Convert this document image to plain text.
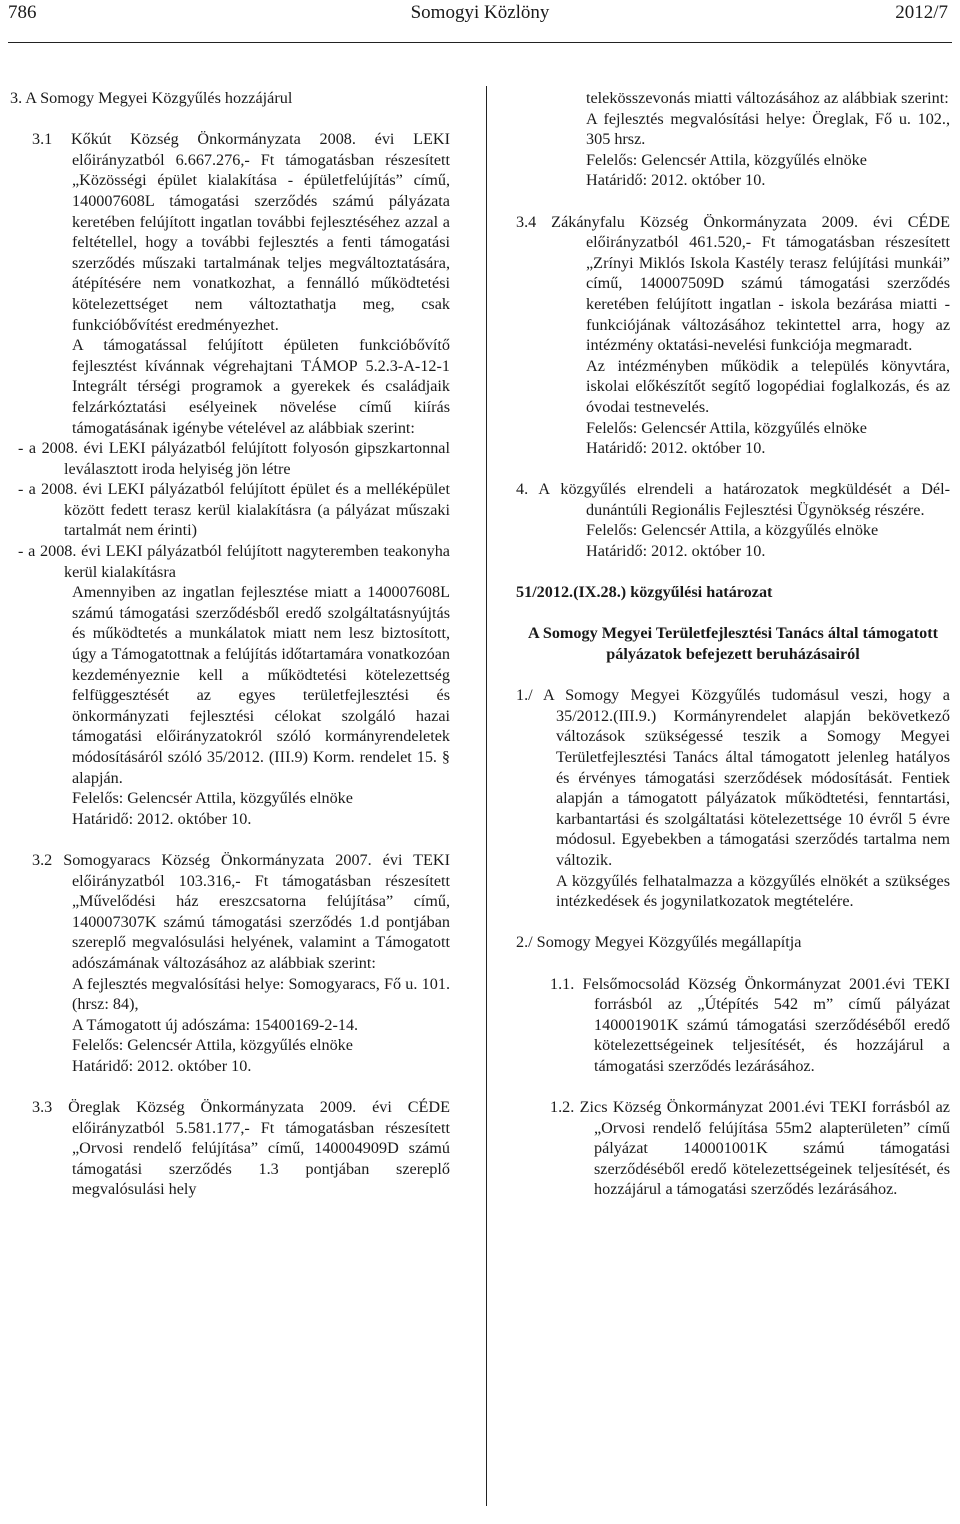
786	Somogyi Közlöny	2012/7

3. A Somogy Megyei Közgyűlés hozzájárul

3.1 Kőkút Község Önkormányzata 2008. évi LEKI előirányzatból 6.667.276,- Ft támogatásban részesített „Közösségi épület kialakítása - épületfelújítás” című, 140007608L támogatási szerződés számú pályázata keretében felújított ingatlan további fejlesztéséhez azzal a feltétellel, hogy a további fejlesztés a fenti támogatási szerződés műszaki tartalmának teljes megváltoztatására, átépítésére nem vonatkozhat, a fennálló működtetési kötelezettséget nem változtathatja meg, csak funkcióbővítést eredményezhet.

A támogatással felújított épületen funkcióbővítő fejlesztést kívánnak végrehajtani TÁMOP 5.2.3-A-12-1 Integrált térségi programok a gyerekek és családjaik felzárkóztatási esélyeinek növelése című kiírás támogatásának igénybe vételével az alábbiak szerint:

- a 2008. évi LEKI pályázatból felújított folyosón gipszkartonnal leválasztott iroda helyiség jön létre

- a 2008. évi LEKI pályázatból felújított épület és a melléképület között fedett terasz kerül kialakításra (a pályázat műszaki tartalmát nem érinti)

- a 2008. évi LEKI pályázatból felújított nagyteremben teakonyha kerül kialakításra

Amennyiben az ingatlan fejlesztése miatt a 140007608L számú támogatási szerződésből eredő szolgáltatásnyújtás és működtetés a munkálatok miatt nem lesz biztosított, úgy a Támogatottnak a felújítás időtartamára vonatkozóan kezdeményeznie kell a működtetési kötelezettség felfüggesztését az egyes területfejlesztési és önkormányzati fejlesztési célokat szolgáló hazai támogatási előirányzatokról szóló kormányrendeletek módosításáról szóló 35/2012. (III.9) Korm. rendelet 15. § alapján.

Felelős: Gelencsér Attila, közgyűlés elnöke

Határidő: 2012. október 10.

3.2 Somogyaracs Község Önkormányzata 2007. évi TEKI előirányzatból 103.316,- Ft támogatásban részesített „Művelődési ház ereszcsatorna felújítása” című, 140007307K számú támogatási szerződés 1.d pontjában szereplő megvalósulási helyének, valamint a Támogatott adószámának változásához az alábbiak szerint:

A fejlesztés megvalósítási helye: Somogyaracs, Fő u. 101. (hrsz: 84),

A Támogatott új adószáma: 15400169-2-14.

Felelős: Gelencsér Attila, közgyűlés elnöke

Határidő: 2012. október 10.

3.3 Öreglak Község Önkormányzata 2009. évi CÉDE előirányzatból 5.581.177,- Ft támogatásban részesített „Orvosi rendelő felújítása” című, 140004909D számú támogatási szerződés 1.3 pontjában szereplő megvalósulási hely

telekösszevonás miatti változásához az alábbiak szerint:

A fejlesztés megvalósítási helye: Öreglak, Fő u. 102., 305 hrsz.

Felelős: Gelencsér Attila, közgyűlés elnöke

Határidő: 2012. október 10.

3.4 Zákányfalu Község Önkormányzata 2009. évi CÉDE előirányzatból 461.520,- Ft támogatásban részesített „Zrínyi Miklós Iskola Kastély terasz felújítási munkái” című, 140007509D számú támogatási szerződés keretében felújított ingatlan - iskola bezárása miatti - funkciójának változásához tekintettel arra, hogy az intézmény oktatási-nevelési funkciója megmaradt.

Az intézményben működik a település könyvtára, iskolai előkészítőt segítő logopédiai foglalkozás, és az óvodai testnevelés.

Felelős: Gelencsér Attila, közgyűlés elnöke

Határidő: 2012. október 10.

4. A közgyűlés elrendeli a határozatok megküldését a Dél-dunántúli Regionális Fejlesztési Ügynökség részére.

Felelős: Gelencsér Attila, a közgyűlés elnöke

Határidő: 2012. október 10.

51/2012.(IX.28.) közgyűlési határozat

A Somogy Megyei Területfejlesztési Tanács által támogatott pályázatok befejezett beruházásairól

1./ A Somogy Megyei Közgyűlés tudomásul veszi, hogy a 35/2012.(III.9.) Kormányrendelet alapján bekövetkező változások szükségessé teszik a Somogy Megyei Területfejlesztési Tanács által támogatott jelenleg hatályos és érvényes támogatási szerződések módosítását. Fentiek alapján a támogatott pályázatok működtetési, fenntartási, karbantartási és szolgáltatási kötelezettsége 10 évről 5 évre módosul. Egyebekben a támogatási szerződés tartalma nem változik.

A közgyűlés felhatalmazza a közgyűlés elnökét a szükséges intézkedések és jogynilatkozatok megtételére.

2./ Somogy Megyei Közgyűlés megállapítja

1.1. Felsőmocsolád Község Önkormányzat 2001.évi TEKI forrásból az „Útépítés 542 m” című pályázat 140001901K számú támogatási szerződéséből eredő kötelezettségeinek teljesítését, és hozzájárul a támogatási szerződés lezárásához.

1.2. Zics Község Önkormányzat 2001.évi TEKI forrásból az „Orvosi rendelő felújítása 55m2 alapterületen” című pályázat 140001001K számú támogatási szerződéséből eredő kötelezettségeinek teljesítését, és hozzájárul a támogatási szerződés lezárásához.
